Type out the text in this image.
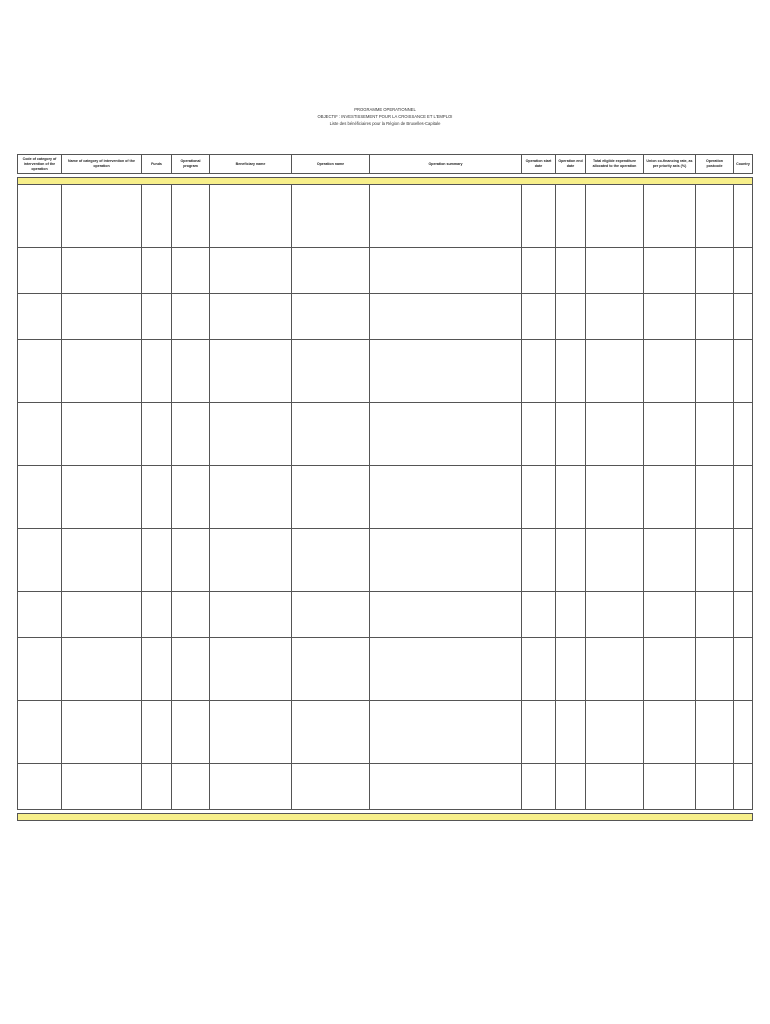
PROGRAMME OPERATIONNEL
OBJECTIF : INVESTISSEMENT POUR LA CROISSANCE ET L'EMPLOI
Liste des bénéficiaires pour la Région de Bruxelles-Capitale
Code of category of intervention of the operation	Name of category of intervention of the operation	Funds	Operational program	Beneficiary name	Operation name	Operation summary	Operation start date	Operation end date	Total eligible expenditure allocated to the operation	Union co-financing rate, as per priority axis (%)	Operation postcode	Country
